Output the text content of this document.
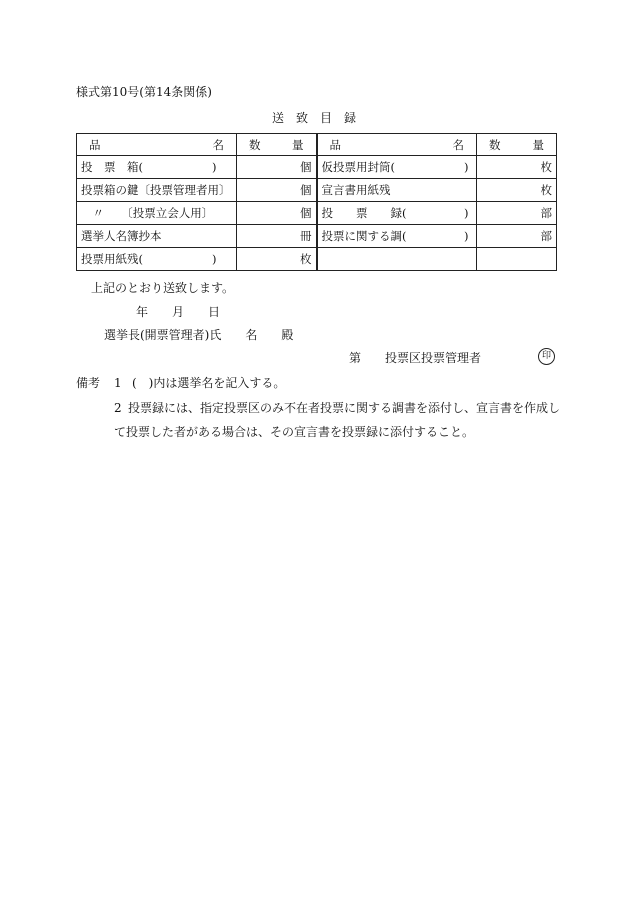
様式第10号(第14条関係)
送　致　目　録
品 名	数 量	品 名	数 量

投　票　箱(　　　　　　)	個	仮投票用封筒(　　　　　　)	枚
投票箱の鍵〔投票管理者用〕	個	宣言書用紙残	枚
　〃　　〔投票立会人用〕	個	投　　票　　録(　　　　　)	部
選挙人名簿抄本	冊	投票に関する調(　　　　　)	部
投票用紙残(　　　　　　)	枚		
上記のとおり送致します。
年　　月　　日
選挙長(開票管理者)氏　　名　　殿
第　　投票区投票管理者	印
備考 1 (　)内は選挙名を記入する。
2 投票録には、指定投票区のみ不在者投票に関する調書を添付し、宣言書を作成し
て投票した者がある場合は、その宣言書を投票録に添付すること。
